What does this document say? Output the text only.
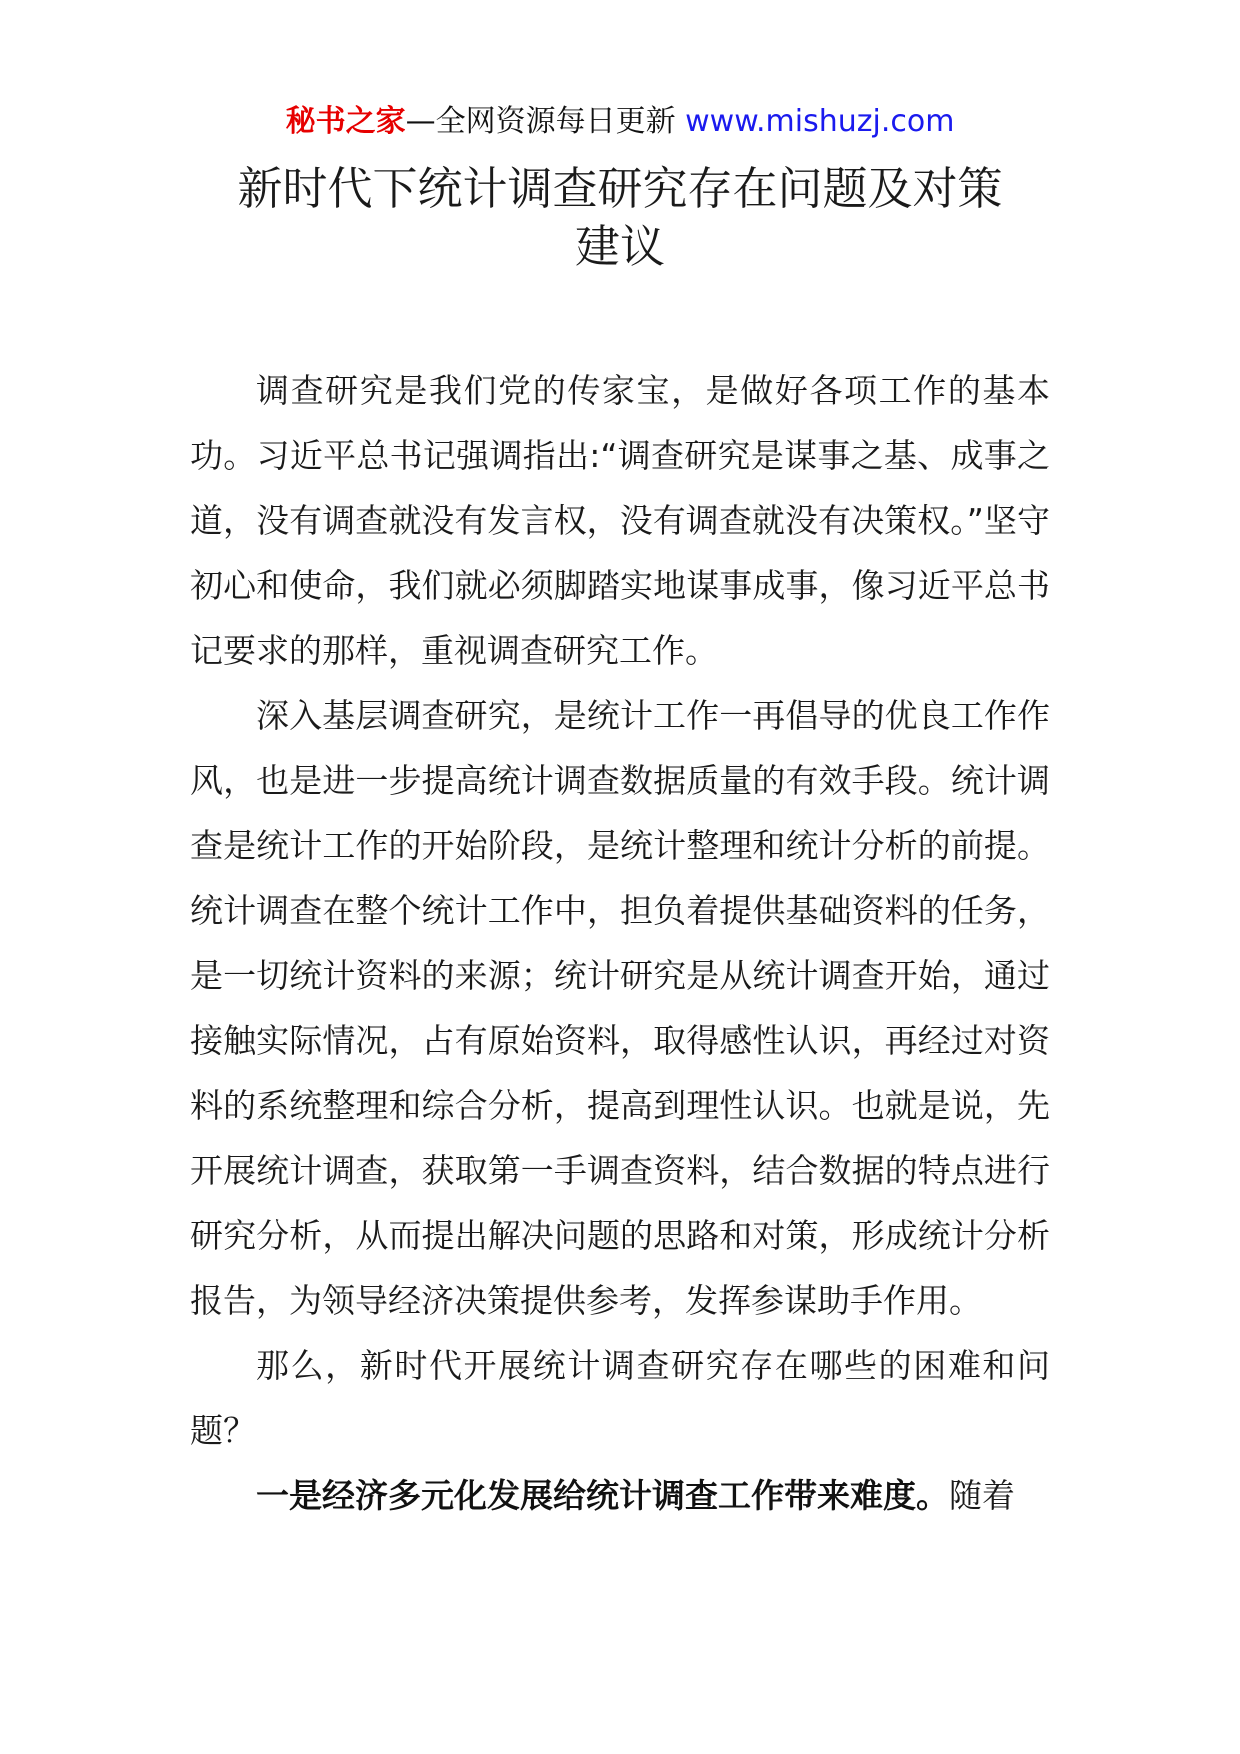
秘书之家—全网资源每日更新 www.mishuzj.com
新时代下统计调查研究存在问题及对策
建议

调查研究是我们党的传家宝，是做好各项工作的基本功。习近平总书记强调指出:“调查研究是谋事之基、成事之道，没有调查就没有发言权，没有调查就没有决策权。”坚守初心和使命，我们就必须脚踏实地谋事成事，像习近平总书记要求的那样，重视调查研究工作。

深入基层调查研究，是统计工作一再倡导的优良工作作风，也是进一步提高统计调查数据质量的有效手段。统计调查是统计工作的开始阶段，是统计整理和统计分析的前提。统计调查在整个统计工作中，担负着提供基础资料的任务，是一切统计资料的来源；统计研究是从统计调查开始，通过接触实际情况，占有原始资料，取得感性认识，再经过对资料的系统整理和综合分析，提高到理性认识。也就是说，先开展统计调查，获取第一手调查资料，结合数据的特点进行研究分析，从而提出解决问题的思路和对策，形成统计分析报告，为领导经济决策提供参考，发挥参谋助手作用。

那么，新时代开展统计调查研究存在哪些的困难和问题？

一是经济多元化发展给统计调查工作带来难度。随着
